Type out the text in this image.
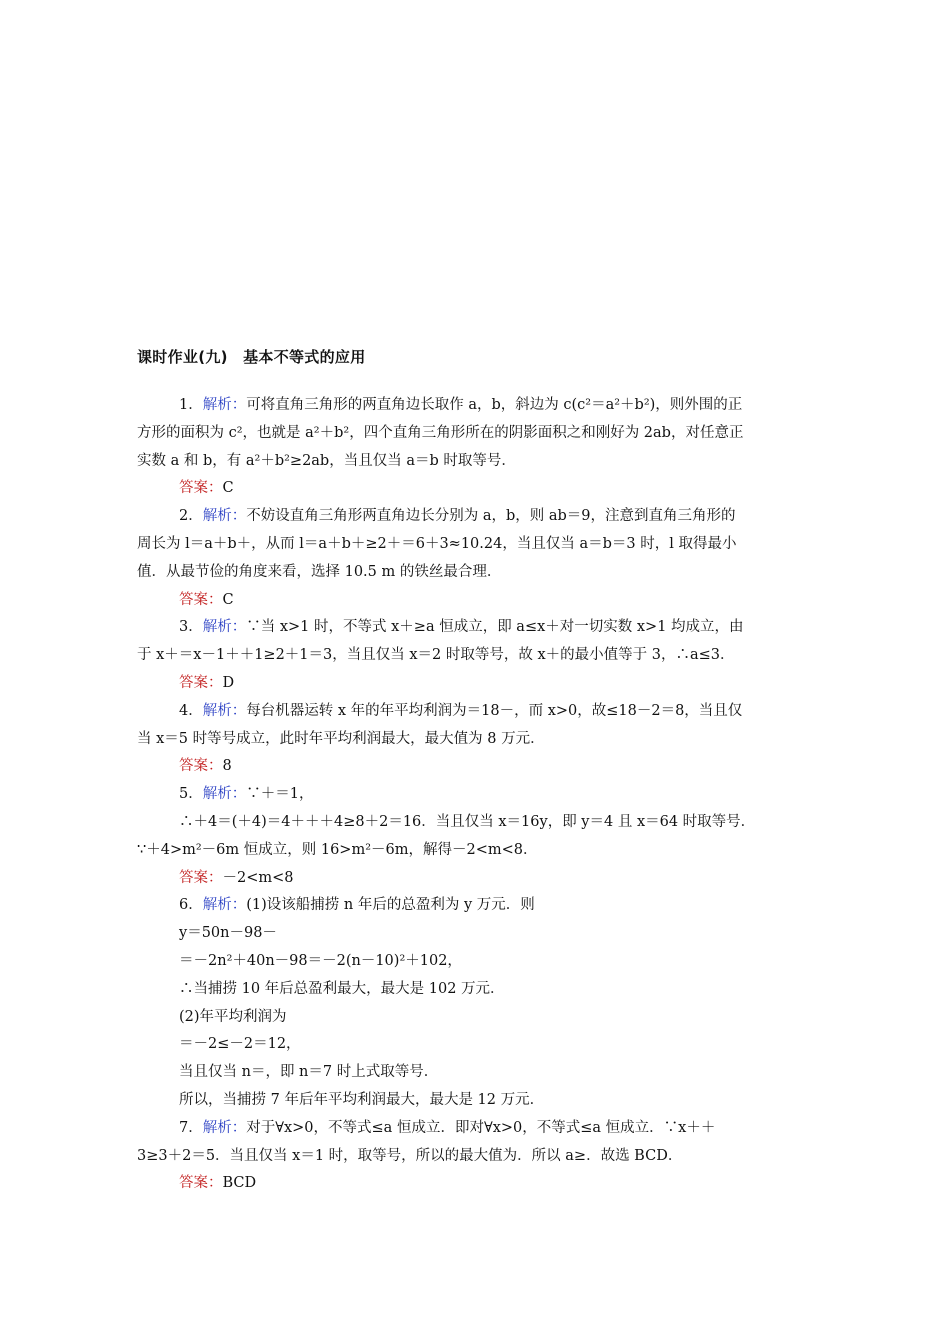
课时作业(九)　基本不等式的应用

1．解析：可将直角三角形的两直角边长取作 a，b，斜边为 c(c²＝a²＋b²)，则外围的正

方形的面积为 c²，也就是 a²＋b²，四个直角三角形所在的阴影面积之和刚好为 2ab，对任意正

实数 a 和 b，有 a²＋b²≥2ab，当且仅当 a＝b 时取等号．

答案：C

2．解析：不妨设直角三角形两直角边长分别为 a，b，则 ab＝9，注意到直角三角形的

周长为 l＝a＋b＋，从而 l＝a＋b＋≥2＋＝6＋3≈10.24，当且仅当 a＝b＝3 时，l 取得最小

值．从最节俭的角度来看，选择 10.5 m 的铁丝最合理．

答案：C

3．解析：∵当 x>1 时，不等式 x＋≥a 恒成立，即 a≤x＋对一切实数 x>1 均成立，由

于 x＋＝x－1＋＋1≥2＋1＝3，当且仅当 x＝2 时取等号，故 x＋的最小值等于 3，∴a≤3．

答案：D

4．解析：每台机器运转 x 年的年平均利润为＝18－，而 x>0，故≤18－2＝8，当且仅

当 x＝5 时等号成立，此时年平均利润最大，最大值为 8 万元．

答案：8

5．解析：∵＋＝1，

∴＋4＝(＋4)＝4＋＋＋4≥8＋2＝16．当且仅当 x＝16y，即 y＝4 且 x＝64 时取等号．

∵＋4>m²－6m 恒成立，则 16>m²－6m，解得－2<m<8．

答案：－2<m<8

6．解析：(1)设该船捕捞 n 年后的总盈利为 y 万元．则

y＝50n－98－

＝－2n²＋40n－98＝－2(n－10)²＋102，

∴当捕捞 10 年后总盈利最大，最大是 102 万元．

(2)年平均利润为

＝－2≤－2＝12，

当且仅当 n＝，即 n＝7 时上式取等号．

所以，当捕捞 7 年后年平均利润最大，最大是 12 万元．

7．解析：对于∀x>0，不等式≤a 恒成立．即对∀x>0，不等式≤a 恒成立．∵x＋＋

3≥3＋2＝5．当且仅当 x＝1 时，取等号，所以的最大值为．所以 a≥．故选 BCD．

答案：BCD
